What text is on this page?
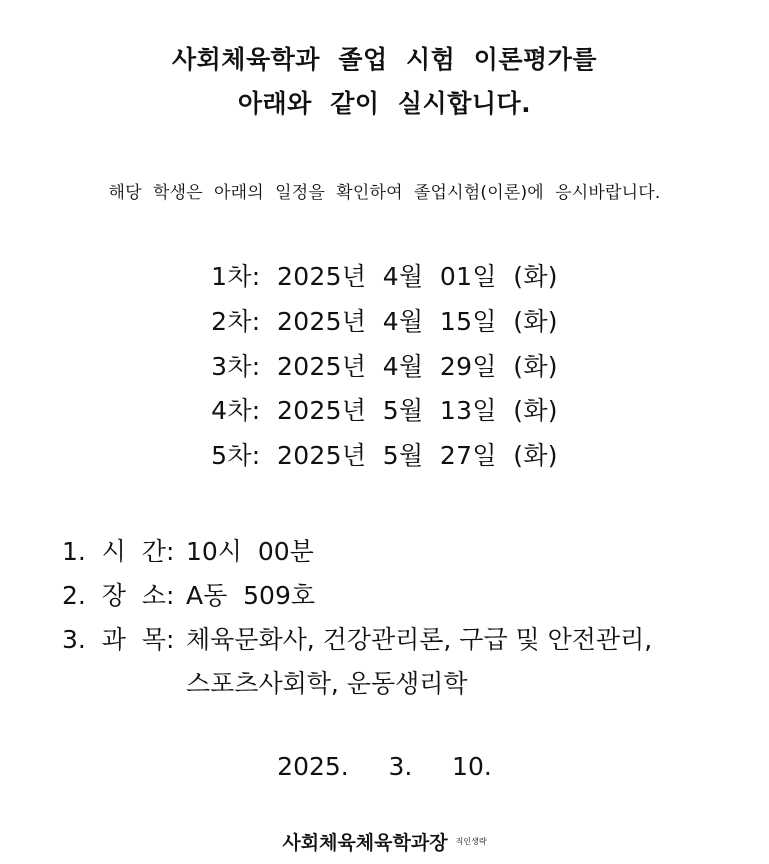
사회체육학과  졸업  시험  이론평가를
아래와  같이  실시합니다.
해당  학생은  아래의  일정을  확인하여  졸업시험(이론)에  응시바랍니다.
1차:  2025년  4월  01일  (화)
2차:  2025년  4월  15일  (화)
3차:  2025년  4월  29일  (화)
4차:  2025년  5월  13일  (화)
5차:  2025년  5월  27일  (화)
1.  시  간: 10시  00분
2.  장  소: A동  509호
3.  과  목: 체육문화사, 건강관리론, 구급 및 안전관리,
스포츠사회학, 운동생리학
2025.     3.     10.
사회체육체육학과장 직인생략
